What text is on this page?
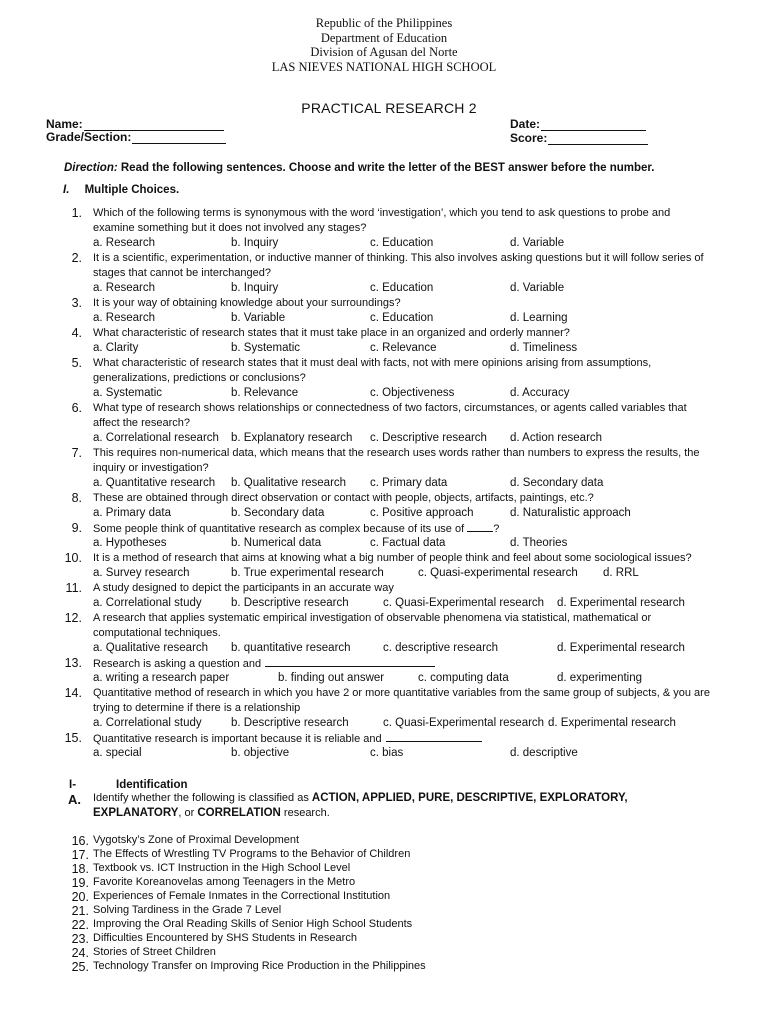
Republic of the Philippines
Department of Education
Division of Agusan del Norte
LAS NIEVES NATIONAL HIGH SCHOOL
PRACTICAL RESEARCH 2
Name:
Grade/Section:
Date:
Score:
Direction: Read the following sentences. Choose and write the letter of the BEST answer before the number.
I. Multiple Choices.
1. Which of the following terms is synonymous with the word ‘investigation’, which you tend to ask questions to probe and examine something but it does not involved any stages?
a. Research	b. Inquiry	c. Education	d. Variable
2. It is a scientific, experimentation, or inductive manner of thinking. This also involves asking questions but it will follow series of stages that cannot be interchanged?
a. Research	b. Inquiry	c. Education	d. Variable
3. It is your way of obtaining knowledge about your surroundings?
a. Research	b. Variable	c. Education	d. Learning
4. What characteristic of research states that it must take place in an organized and orderly manner?
a. Clarity	b. Systematic	c. Relevance	d. Timeliness
5. What characteristic of research states that it must deal with facts, not with mere opinions arising from assumptions, generalizations, predictions or conclusions?
a. Systematic	b. Relevance	c. Objectiveness	d. Accuracy
6. What type of research shows relationships or connectedness of two factors, circumstances, or agents called variables that affect the research?
a. Correlational research b. Explanatory research c. Descriptive research d. Action research
7. This requires non-numerical data, which means that the research uses words rather than numbers to express the results, the inquiry or investigation?
a. Quantitative research b. Qualitative research c. Primary data	d. Secondary data
8. These are obtained through direct observation or contact with people, objects, artifacts, paintings, etc.?
a. Primary data	b. Secondary data	c. Positive approach	d. Naturalistic approach
9. Some people think of quantitative research as complex because of its use of ?
a. Hypotheses	b. Numerical data	c. Factual data	d. Theories
10. It is a method of research that aims at knowing what a big number of people think and feel about some sociological issues?
a. Survey research	b. True experimental research	c. Quasi-experimental research d. RRL
11. A study designed to depict the participants in an accurate way
a. Correlational study	b. Descriptive research	c. Quasi-Experimental research d. Experimental research
12. A research that applies systematic empirical investigation of observable phenomena via statistical, mathematical or computational techniques.
a. Qualitative research b. quantitative research	c. descriptive research	d. Experimental research
13. Research is asking a question and
a. writing a research paper	b. finding out answer	c. computing data	d. experimenting
14. Quantitative method of research in which you have 2 or more quantitative variables from the same group of subjects, & you are trying to determine if there is a relationship
a. Correlational study	b. Descriptive research	c. Quasi-Experimental research d. Experimental research
15. Quantitative research is important because it is reliable and
a. special	b. objective	c. bias	d. descriptive
I-	Identification
A. Identify whether the following is classified as ACTION, APPLIED, PURE, DESCRIPTIVE, EXPLORATORY, EXPLANATORY, or CORRELATION research.
16. Vygotsky’s Zone of Proximal Development
17. The Effects of Wrestling TV Programs to the Behavior of Children
18. Textbook vs. ICT Instruction in the High School Level
19. Favorite Koreanovelas among Teenagers in the Metro
20. Experiences of Female Inmates in the Correctional Institution
21. Solving Tardiness in the Grade 7 Level
22. Improving the Oral Reading Skills of Senior High School Students
23. Difficulties Encountered by SHS Students in Research
24. Stories of Street Children
25. Technology Transfer on Improving Rice Production in the Philippines
